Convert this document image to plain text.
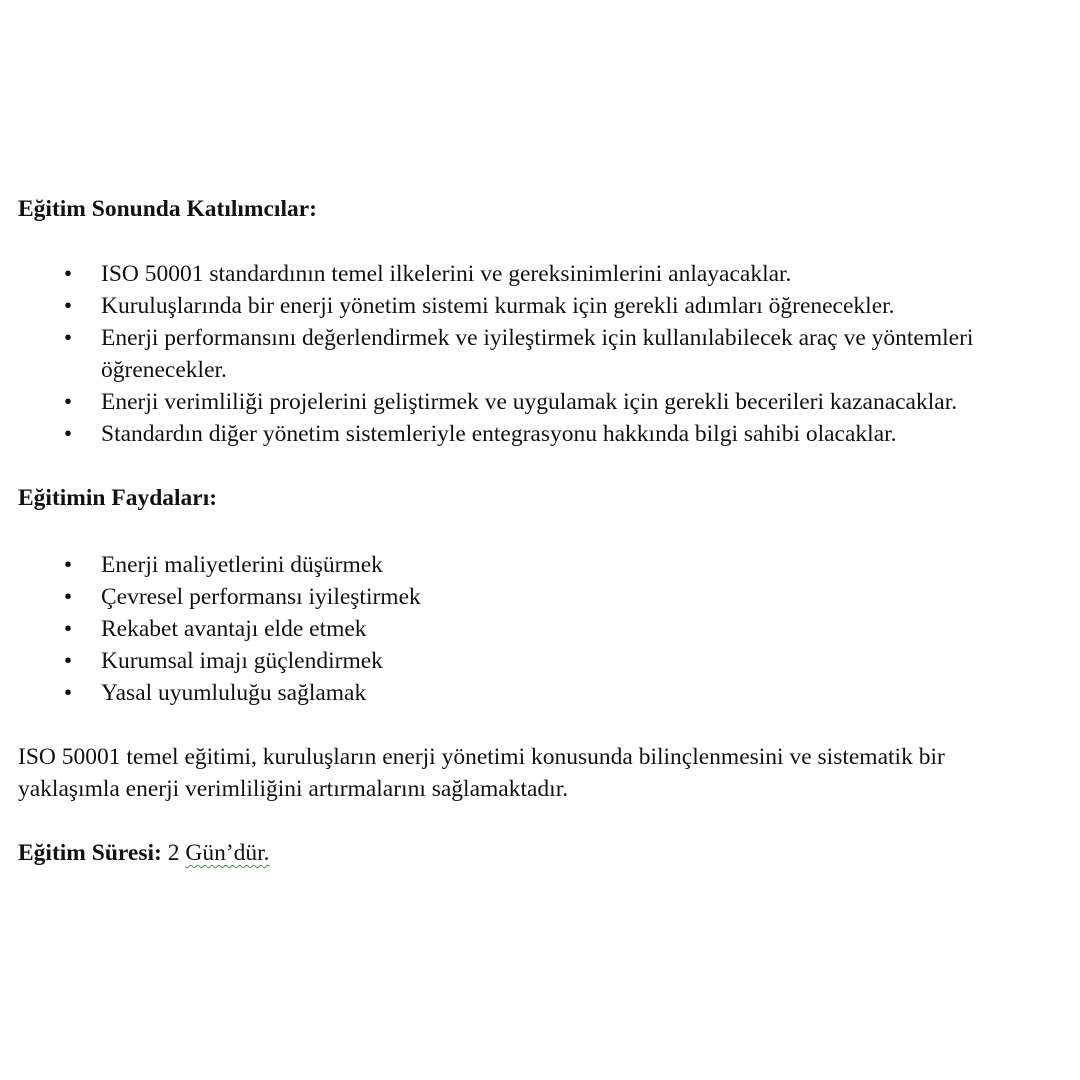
Eğitim Sonunda Katılımcılar:

• ISO 50001 standardının temel ilkelerini ve gereksinimlerini anlayacaklar.
• Kuruluşlarında bir enerji yönetim sistemi kurmak için gerekli adımları öğrenecekler.
• Enerji performansını değerlendirmek ve iyileştirmek için kullanılabilecek araç ve yöntemleri öğrenecekler.
• Enerji verimliliği projelerini geliştirmek ve uygulamak için gerekli becerileri kazanacaklar.
• Standardın diğer yönetim sistemleriyle entegrasyonu hakkında bilgi sahibi olacaklar.

Eğitimin Faydaları:

• Enerji maliyetlerini düşürmek
• Çevresel performansı iyileştirmek
• Rekabet avantajı elde etmek
• Kurumsal imajı güçlendirmek
• Yasal uyumluluğu sağlamak

ISO 50001 temel eğitimi, kuruluşların enerji yönetimi konusunda bilinçlenmesini ve sistematik bir yaklaşımla enerji verimliliğini artırmalarını sağlamaktadır.

Eğitim Süresi: 2 Gün’dür.
